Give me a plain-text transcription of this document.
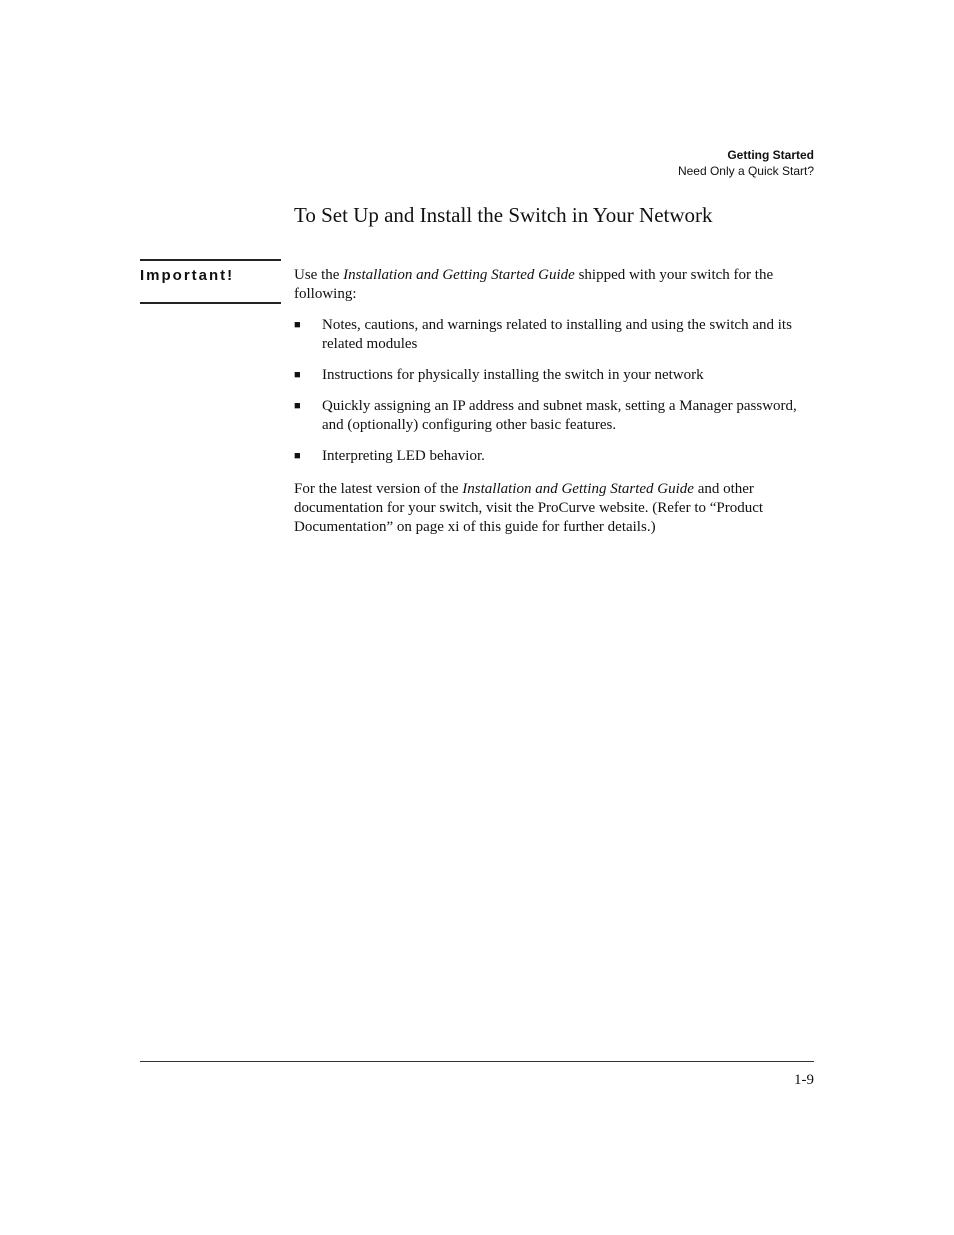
Getting Started
Need Only a Quick Start?
To Set Up and Install the Switch in Your Network
Important!	Use the Installation and Getting Started Guide shipped with your switch for the following:

■ Notes, cautions, and warnings related to installing and using the switch and its related modules
■ Instructions for physically installing the switch in your network
■ Quickly assigning an IP address and subnet mask, setting a Manager password, and (optionally) configuring other basic features.
■ Interpreting LED behavior.

For the latest version of the Installation and Getting Started Guide and other documentation for your switch, visit the ProCurve website. (Refer to “Product Documentation” on page xi of this guide for further details.)

1-9
